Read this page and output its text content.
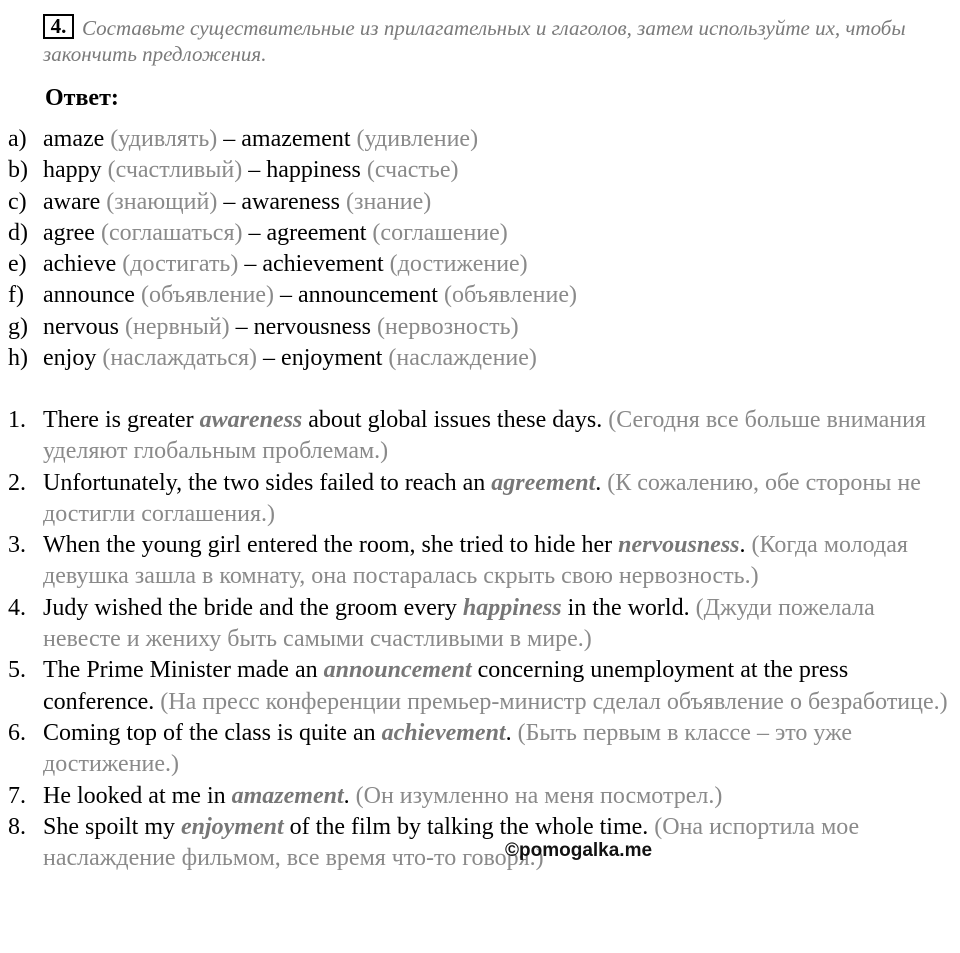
4. Составьте существительные из прилагательных и глаголов, затем используйте их, чтобы закончить предложения.
Ответ:
a) amaze (удивлять) – amazement (удивление)
b) happy (счастливый) – happiness (счастье)
c) aware (знающий) – awareness (знание)
d) agree (соглашаться) – agreement (соглашение)
e) achieve (достигать) – achievement (достижение)
f) announce (объявление) – announcement (объявление)
g) nervous (нервный) – nervousness (нервозность)
h) enjoy (наслаждаться) – enjoyment (наслаждение)
1. There is greater awareness about global issues these days. (Сегодня все больше внимания уделяют глобальным проблемам.)
2. Unfortunately, the two sides failed to reach an agreement. (К сожалению, обе стороны не достигли соглашения.)
3. When the young girl entered the room, she tried to hide her nervousness. (Когда молодая девушка зашла в комнату, она постаралась скрыть свою нервозность.)
4. Judy wished the bride and the groom every happiness in the world. (Джуди пожелала невесте и жениху быть самыми счастливыми в мире.)
5. The Prime Minister made an announcement concerning unemployment at the press conference. (На пресс конференции премьер-министр сделал объявление о безработице.)
6. Coming top of the class is quite an achievement. (Быть первым в классе – это уже достижение.)
7. He looked at me in amazement. (Он изумленно на меня посмотрел.)
8. She spoilt my enjoyment of the film by talking the whole time. (Она испортила мое наслаждение фильмом, все время что-то говоря.)
©pomogalka.me
